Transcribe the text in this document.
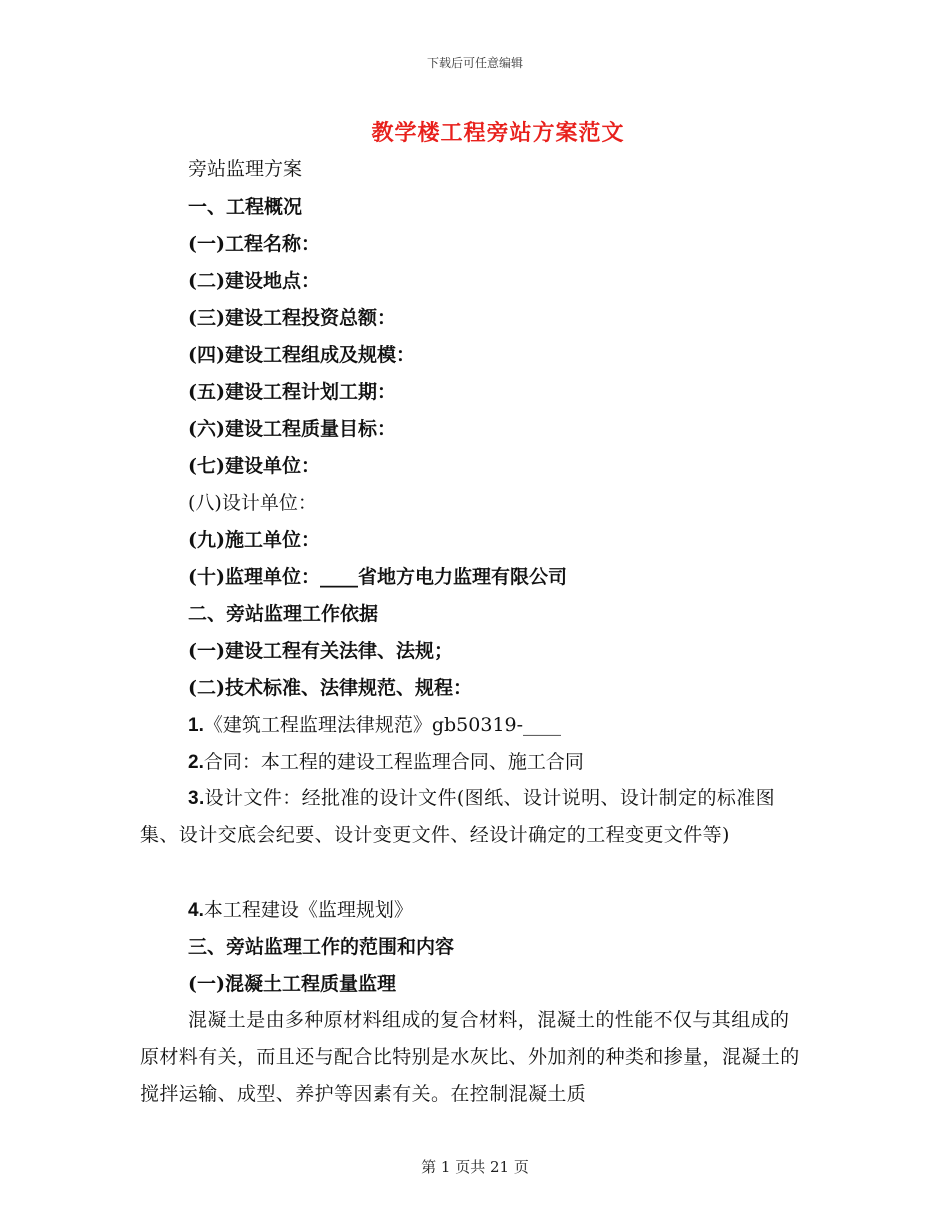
下载后可任意编辑
教学楼工程旁站方案范文
旁站监理方案
一、工程概况
(一)工程名称：
(二)建设地点：
(三)建设工程投资总额：
(四)建设工程组成及规模：
(五)建设工程计划工期：
(六)建设工程质量目标：
(七)建设单位：
(八)设计单位：
(九)施工单位：
(十)监理单位：____省地方电力监理有限公司
二、旁站监理工作依据
(一)建设工程有关法律、法规；
(二)技术标准、法律规范、规程：
1.《建筑工程监理法律规范》gb50319-____
2.合同：本工程的建设工程监理合同、施工合同
3.设计文件：经批准的设计文件(图纸、设计说明、设计制定的标准图集、设计交底会纪要、设计变更文件、经设计确定的工程变更文件等)
4.本工程建设《监理规划》
三、旁站监理工作的范围和内容
(一)混凝土工程质量监理
混凝土是由多种原材料组成的复合材料，混凝土的性能不仅与其组成的原材料有关，而且还与配合比特别是水灰比、外加剂的种类和掺量，混凝土的搅拌运输、成型、养护等因素有关。在控制混凝土质
第 1 页共 21 页
